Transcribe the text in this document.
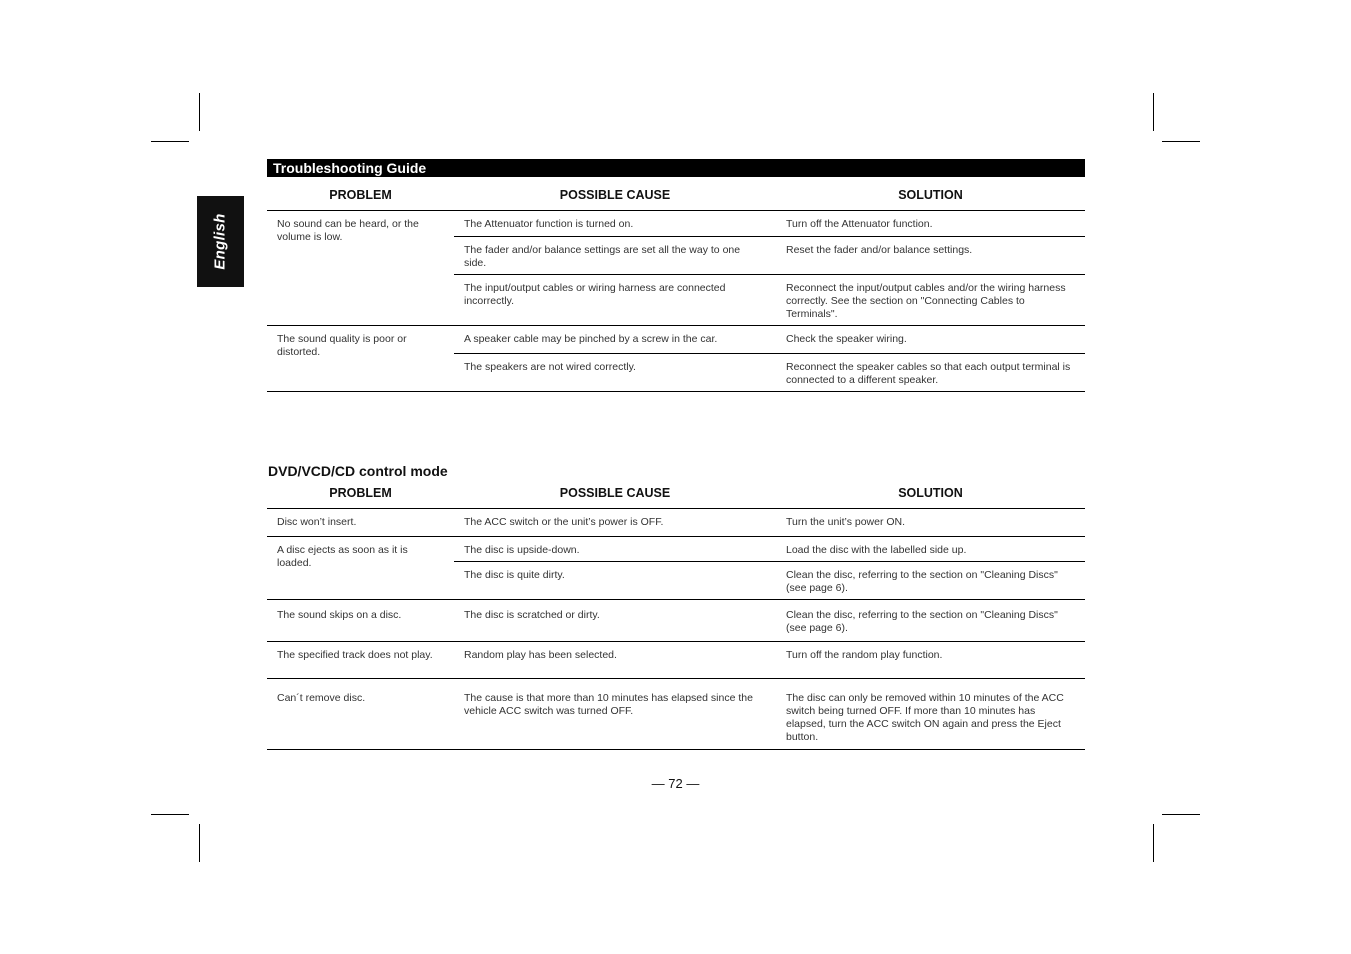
English
Troubleshooting Guide
PROBLEM	POSSIBLE CAUSE	SOLUTION
No sound can be heard, or the volume is low.	The Attenuator function is turned on.	Turn off the Attenuator function.
	The fader and/or balance settings are set all the way to one side.	Reset the fader and/or balance settings.
	The input/output cables or wiring harness are connected incorrectly.	Reconnect the input/output cables and/or the wiring harness correctly. See the section on "Connecting Cables to Terminals".
The sound quality is poor or distorted.	A speaker cable may be pinched by a screw in the car.	Check the speaker wiring.
	The speakers are not wired correctly.	Reconnect the speaker cables so that each output terminal is connected to a different speaker.
DVD/VCD/CD control mode
PROBLEM	POSSIBLE CAUSE	SOLUTION
Disc won’t insert.	The ACC switch or the unit’s power is OFF.	Turn the unit’s power ON.
A disc ejects as soon as it is loaded.	The disc is upside-down.	Load the disc with the labelled side up.
	The disc is quite dirty.	Clean the disc, referring to the section on "Cleaning Discs" (see page 6).
The sound skips on a disc.	The disc is scratched or dirty.	Clean the disc, referring to the section on "Cleaning Discs" (see page 6).
The specified track does not play.	Random play has been selected.	Turn off the random play function.
Can´t remove disc.	The cause is that more than 10 minutes has elapsed since the vehicle ACC switch was turned OFF.	The disc can only be removed within 10 minutes of the ACC switch being turned OFF. If more than 10 minutes has elapsed, turn the ACC switch ON again and press the Eject button.
— 72 —
